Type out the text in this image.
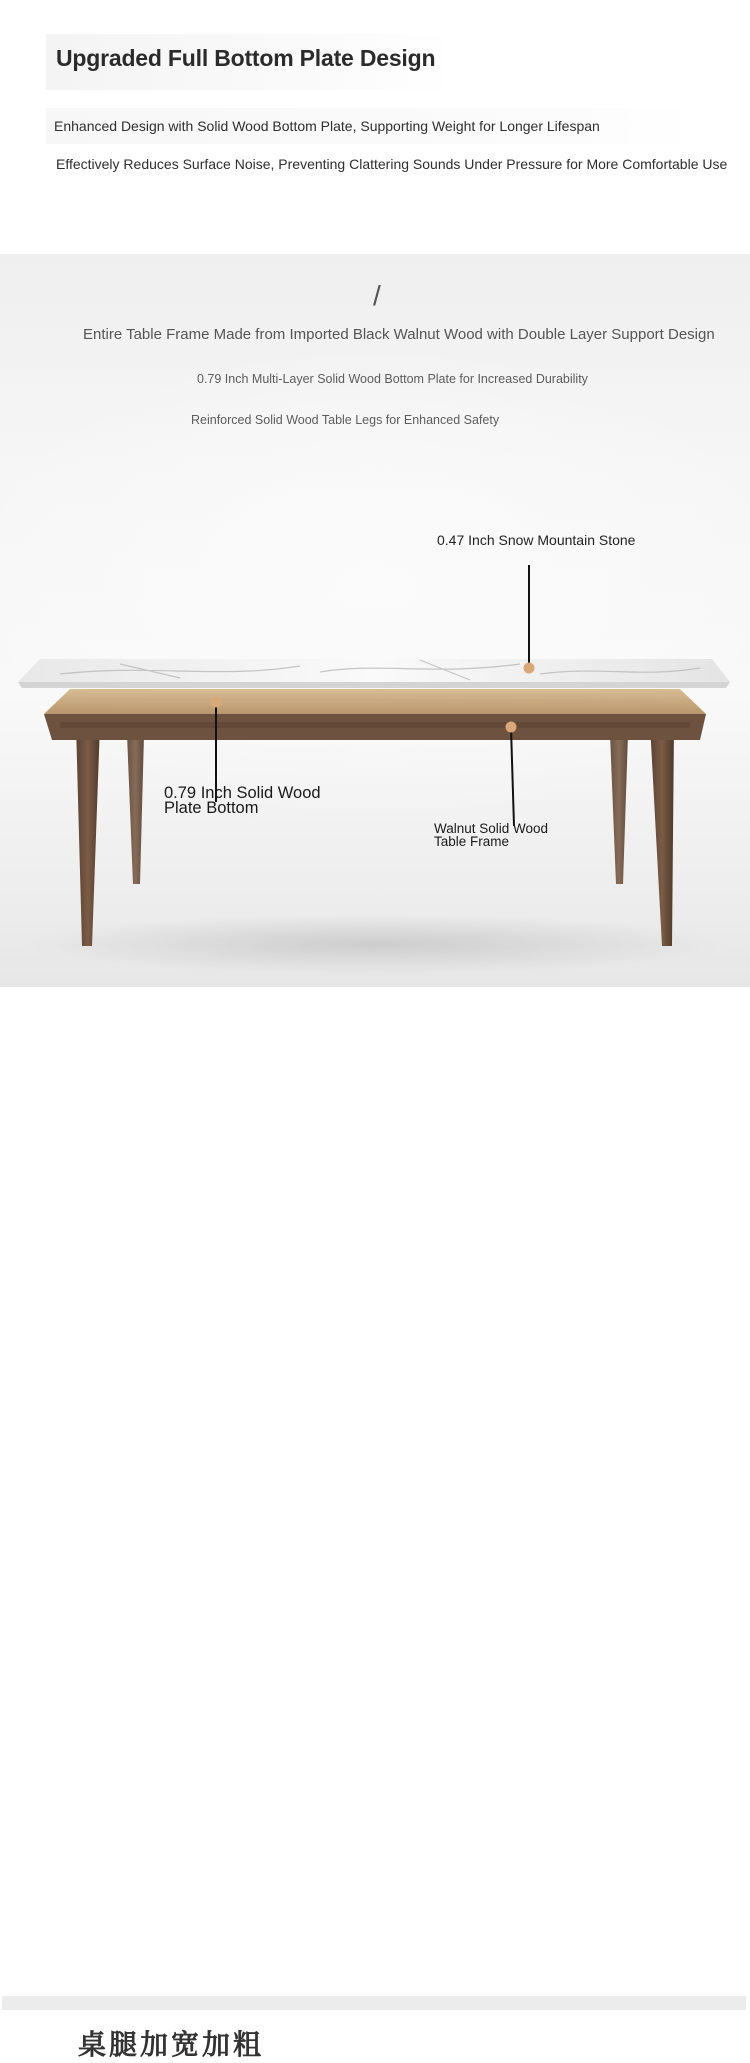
Upgraded Full Bottom Plate Design

Enhanced Design with Solid Wood Bottom Plate, Supporting Weight for Longer Lifespan

Effectively Reduces Surface Noise, Preventing Clattering Sounds Under Pressure for More Comfortable Use

/

Entire Table Frame Made from Imported Black Walnut Wood with Double Layer Support Design

0.79 Inch Multi-Layer Solid Wood Bottom Plate for Increased Durability

Reinforced Solid Wood Table Legs for Enhanced Safety

0.47 Inch Snow Mountain Stone

0.79 Inch Solid Wood
Plate Bottom

Walnut Solid Wood
Table Frame

桌腿加宽加粗
